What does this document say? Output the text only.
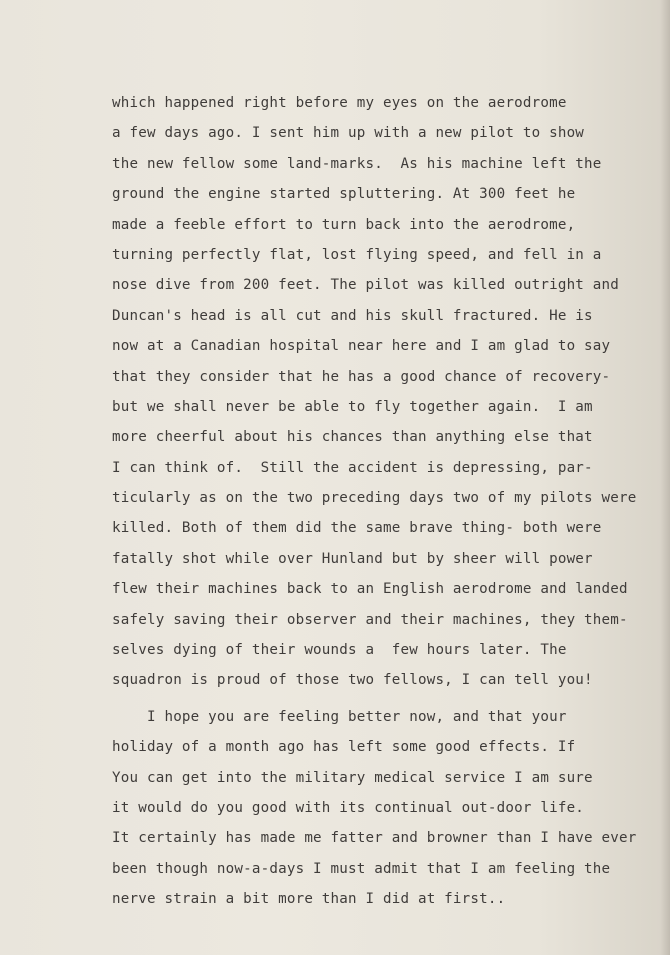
which happened right before my eyes on the aerodrome
a few days ago. I sent him up with a new pilot to show
the new fellow some land-marks.  As his machine left the
ground the engine started spluttering. At 300 feet he
made a feeble effort to turn back into the aerodrome,
turning perfectly flat, lost flying speed, and fell in a
nose dive from 200 feet. The pilot was killed outright and
Duncan's head is all cut and his skull fractured. He is
now at a Canadian hospital near here and I am glad to say
that they consider that he has a good chance of recovery-
but we shall never be able to fly together again.  I am
more cheerful about his chances than anything else that
I can think of.  Still the accident is depressing, par-
ticularly as on the two preceding days two of my pilots were
killed. Both of them did the same brave thing- both were
fatally shot while over Hunland but by sheer will power
flew their machines back to an English aerodrome and landed
safely saving their observer and their machines, they them-
selves dying of their wounds a  few hours later. The
squadron is proud of those two fellows, I can tell you!
I hope you are feeling better now, and that your
holiday of a month ago has left some good effects. If
You can get into the military medical service I am sure
it would do you good with its continual out-door life.
It certainly has made me fatter and browner than I have ever
been though now-a-days I must admit that I am feeling the
nerve strain a bit more than I did at first..
